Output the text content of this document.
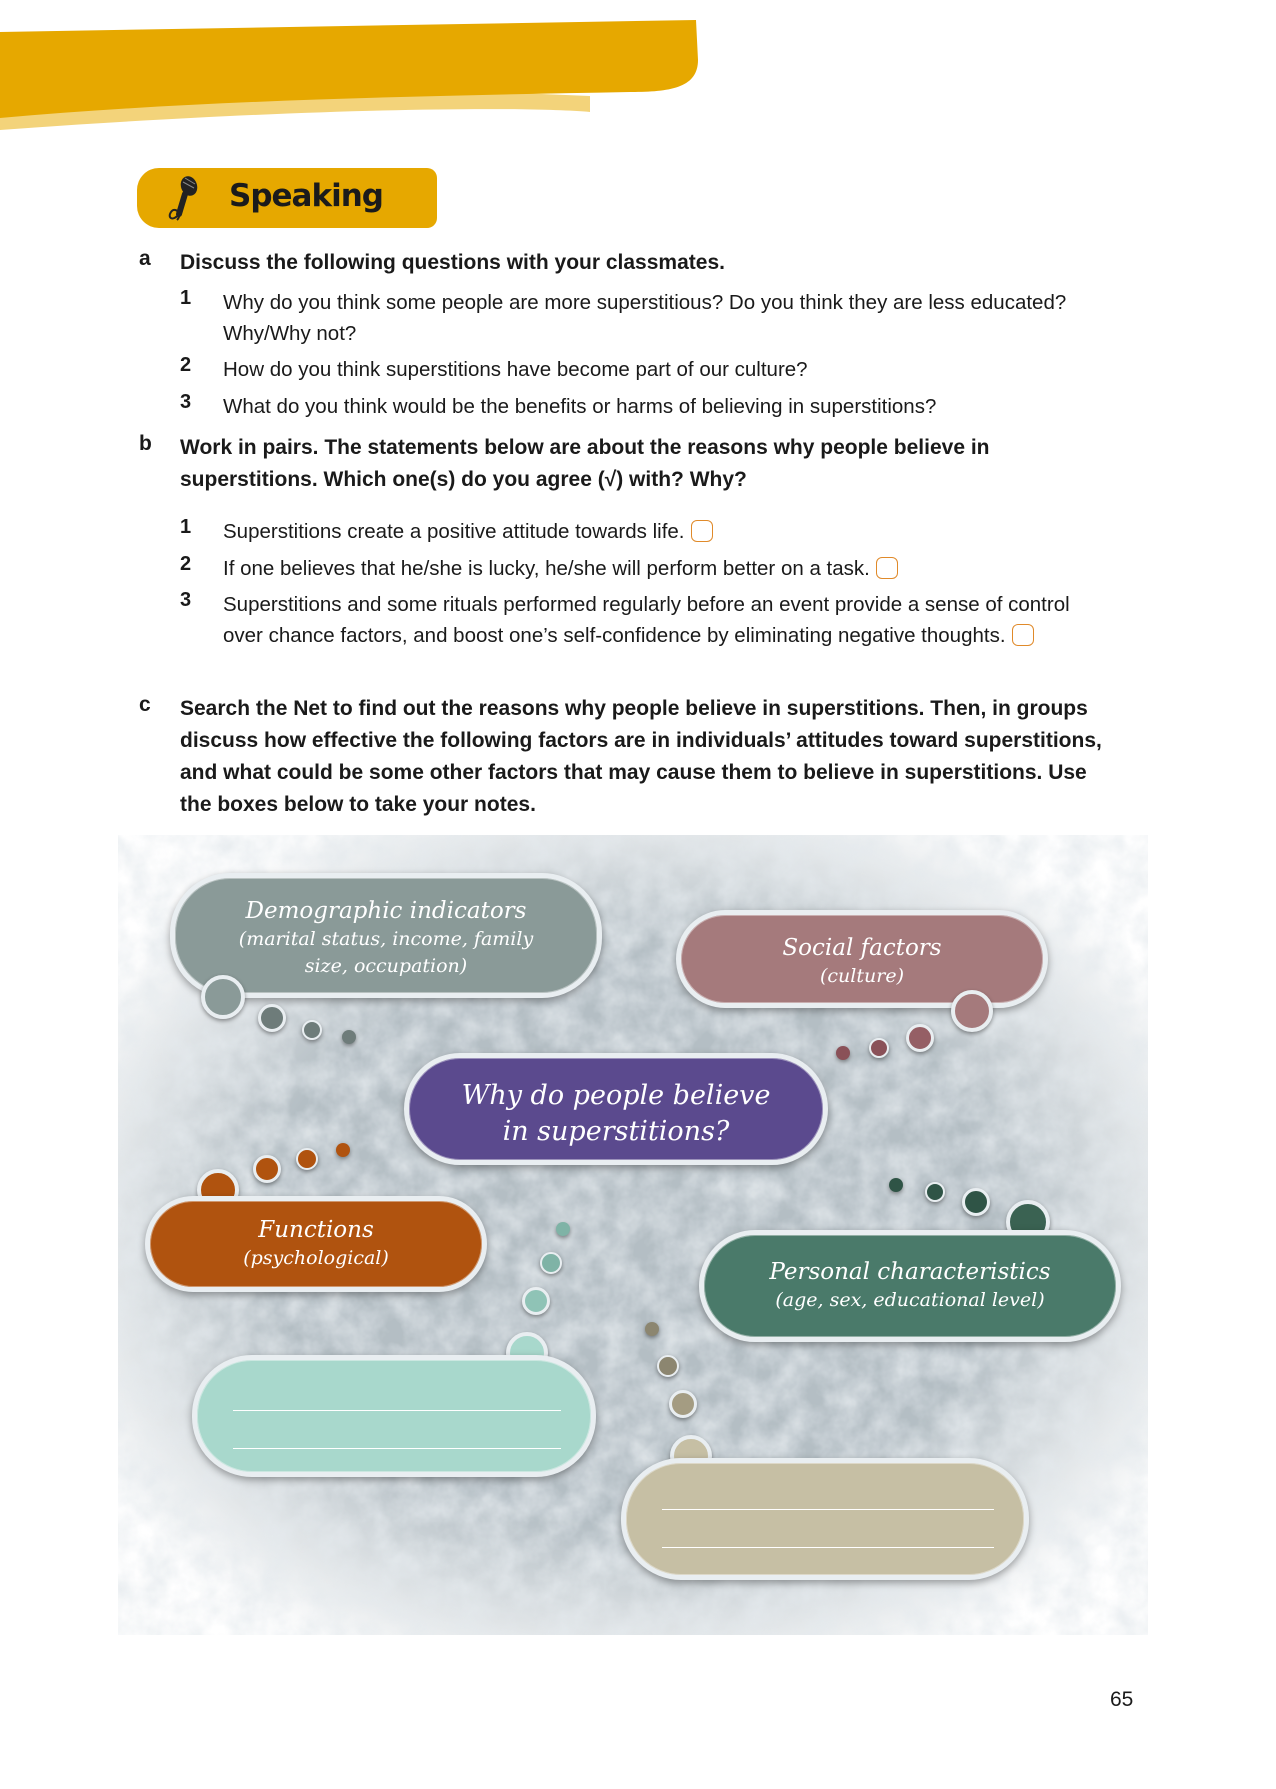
Speaking
a Discuss the following questions with your classmates.
1 Why do you think some people are more superstitious? Do you think they are less educated? Why/Why not?
2 How do you think superstitions have become part of our culture?
3 What do you think would be the benefits or harms of believing in superstitions?
b Work in pairs. The statements below are about the reasons why people believe in superstitions. Which one(s) do you agree (√) with? Why?
1 Superstitions create a positive attitude towards life.
2 If one believes that he/she is lucky, he/she will perform better on a task.
3 Superstitions and some rituals performed regularly before an event provide a sense of control over chance factors, and boost one’s self-confidence by eliminating negative thoughts.
c Search the Net to find out the reasons why people believe in superstitions. Then, in groups discuss how effective the following factors are in individuals’ attitudes toward superstitions, and what could be some other factors that may cause them to believe in superstitions. Use the boxes below to take your notes.
Demographic indicators
(marital status, income, family
size, occupation)
Social factors
(culture)
Why do people believe
in superstitions?
Functions
(psychological)
Personal characteristics
(age, sex, educational level)
65
